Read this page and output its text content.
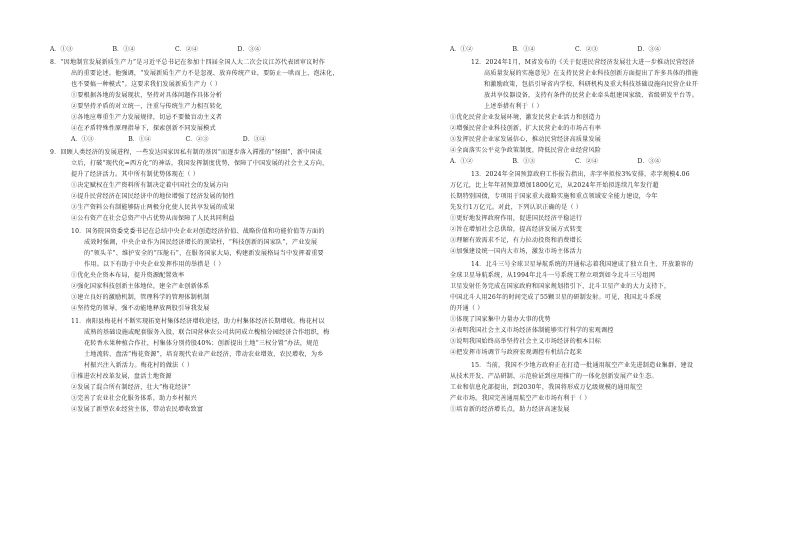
A．①③	B．①④	C．②④	D．③④
8．“因地制宜发展新质生产力”是习近平总书记在参加十四届全国人大二次会议江苏代表团审议时作
出的重要论述。他强调，“发展新质生产力不是忽视、放弃传统产业，要防止一哄而上、泡沫化，
也不要搞一种模式”。这要求我们发展新质生产力（ ）
①要根据各地的发展现状，坚持对具体问题作具体分析
②要坚持矛盾的对立统一，注重与传统生产力相互转化
③各地应尊重生产力发展规律，切忌不要做盲动主义者
④在矛盾特殊性原理指导下，探索创新不同发展模式
A．①③	B．①④	C．②③	D．③④
9．回顾人类经济的发展进程，一些发达国家因私有制的基因“而逐步落入滞涨的“怪圈”，新中国成
立后，打破“现代化=西方化”的神话，我国发挥制度优势，保障了中国发展的社会主义方向，
提升了经济活力。其中所有制优势体现在（ ）
①决定赋权在生产资料所有制决定着中国社会的发展方向
②提升民营经济在国民经济中的地位增强了经济发展的韧性
③生产资料公有制能够防止两极分化使人民共享发展的成果
④公有资产在社会总资产中占优势从而保障了人民共同利益
10．国务院国资委党委书记在总结中央企业对创造经济价值、战略价值和功能价值等方面的
成效时强调，中央企业作为国民经济增长的顶梁柱，“科技创新的国家队”，产业发展
的“领头羊”、维护安全的“压舱石”，在服务国家大局，构建新发展格局当中发挥着重要
作用。以下有助于中央企业发挥作用的举措是（ ）
①优化央企资本布局，提升资源配置效率
②强化国家科技创新主体地位，建全产业创新体系
③建立良好的激励机制，管理科学的管理体制机制
④坚持党的领导，强不动能地释放两股引导我发展
11．南阳县梅花村不断实现拓宽村集体经济增收途径，助力村集体经济长期增收。梅花村以
成熟的基础设施或配套服务入股，联合国营林农公司共同成立槐植分园经济合作组织，梅
花转香水果种植合作社，村集体分别持股40%；创新提出土地“三权分置”办法，规范
土地流转，盘活“梅花资源”，培育现代农业产业经济，带动农业增效、农民增收，为乡
村振兴注入新活力。梅花村的做法（ ）
①推进农村改革发展，盘活土地资源
②发展了混合所有制经济，壮大“梅花经济”
③完善了农业社会化服务体系，助力乡村振兴
④发展了新型农业经营主体，带动农民增收致富
A．①②	B．①④	C．②③	D．③④
12．2024年1月，M省发布的《关于促进民营经济发展壮大进一步推动民营经济
高质量发展的实施意见》在支持民营企业科技创新方面提出了许多具体的措施
和激励政策，包括引导省内学校、科研机构及重大科技基础设施向民营企业开
放共享仪器设备，支持有条件的民营企业牵头组建国家级、省级研发平台等。
上述举措有利于（ ）
①优化民营企业发展环境，激发民营企业活力和创造力
②增强民营企业科技创新，扩大民营企业的市场占有率
③发挥民营企业家发展信心，推动民营经济高质量发展
④全面落实公平竞争政策制度，降低民营企业经营风险
A．①②	B．①③	C．②④	D．③④
13．2024年全国预算政府工作报告指出，赤字率拟按3%安排，赤字规模4.06
万亿元，比上年年初预算增加1800亿元，从2024年开始拟连续几年发行超
长期特别国债，专项用于国家重大战略实施和重点领域安全能力建设，今年
先发行1万亿元。对此，下列认识正确的是（ ）
①更好地发挥政府作用，促进国民经济平稳运行
②旨在增加社会总供给，提高经济发展方式转变
③理解有效需求不足，有力拉动投资和消费增长
④加强建设统一国内大市场，激发市场主体活力
14．北斗三号全球卫星导航系统的开通标志着我国建成了独立自主、开放兼容的
全球卫星导航系统，从1994年北斗一号系统工程立项到如今北斗三号组网
卫星发射任务完成在国家政府和国家规划指引下，北斗卫星产业的大力支持下，
中国北斗人用26年的时间完成了55颗卫星的研制发射。可见，我国北斗系统
的开通（ ）
①体现了国家集中力量办大事的优势
②表明我国社会主义市场经济体制能够实行科学的宏观调控
③说明我国始终高举坚持社会主义市场经济的根本目标
④把发挥市场调节与政府宏观调控有机结合起来
15．当前，我国不少地方政府正在打造一批通用航空产业先进制造业集群，建设
从技术开发、产品研制、示范验证到应用推广的一体化创新发展产业生态。
工业和信息化部提出，到2030年，我国将形成万亿级规模的通用航空
产业市场。我国完善通用航空产业市场有利于（ ）
①培育新的经济增长点，助力经济高速发展
